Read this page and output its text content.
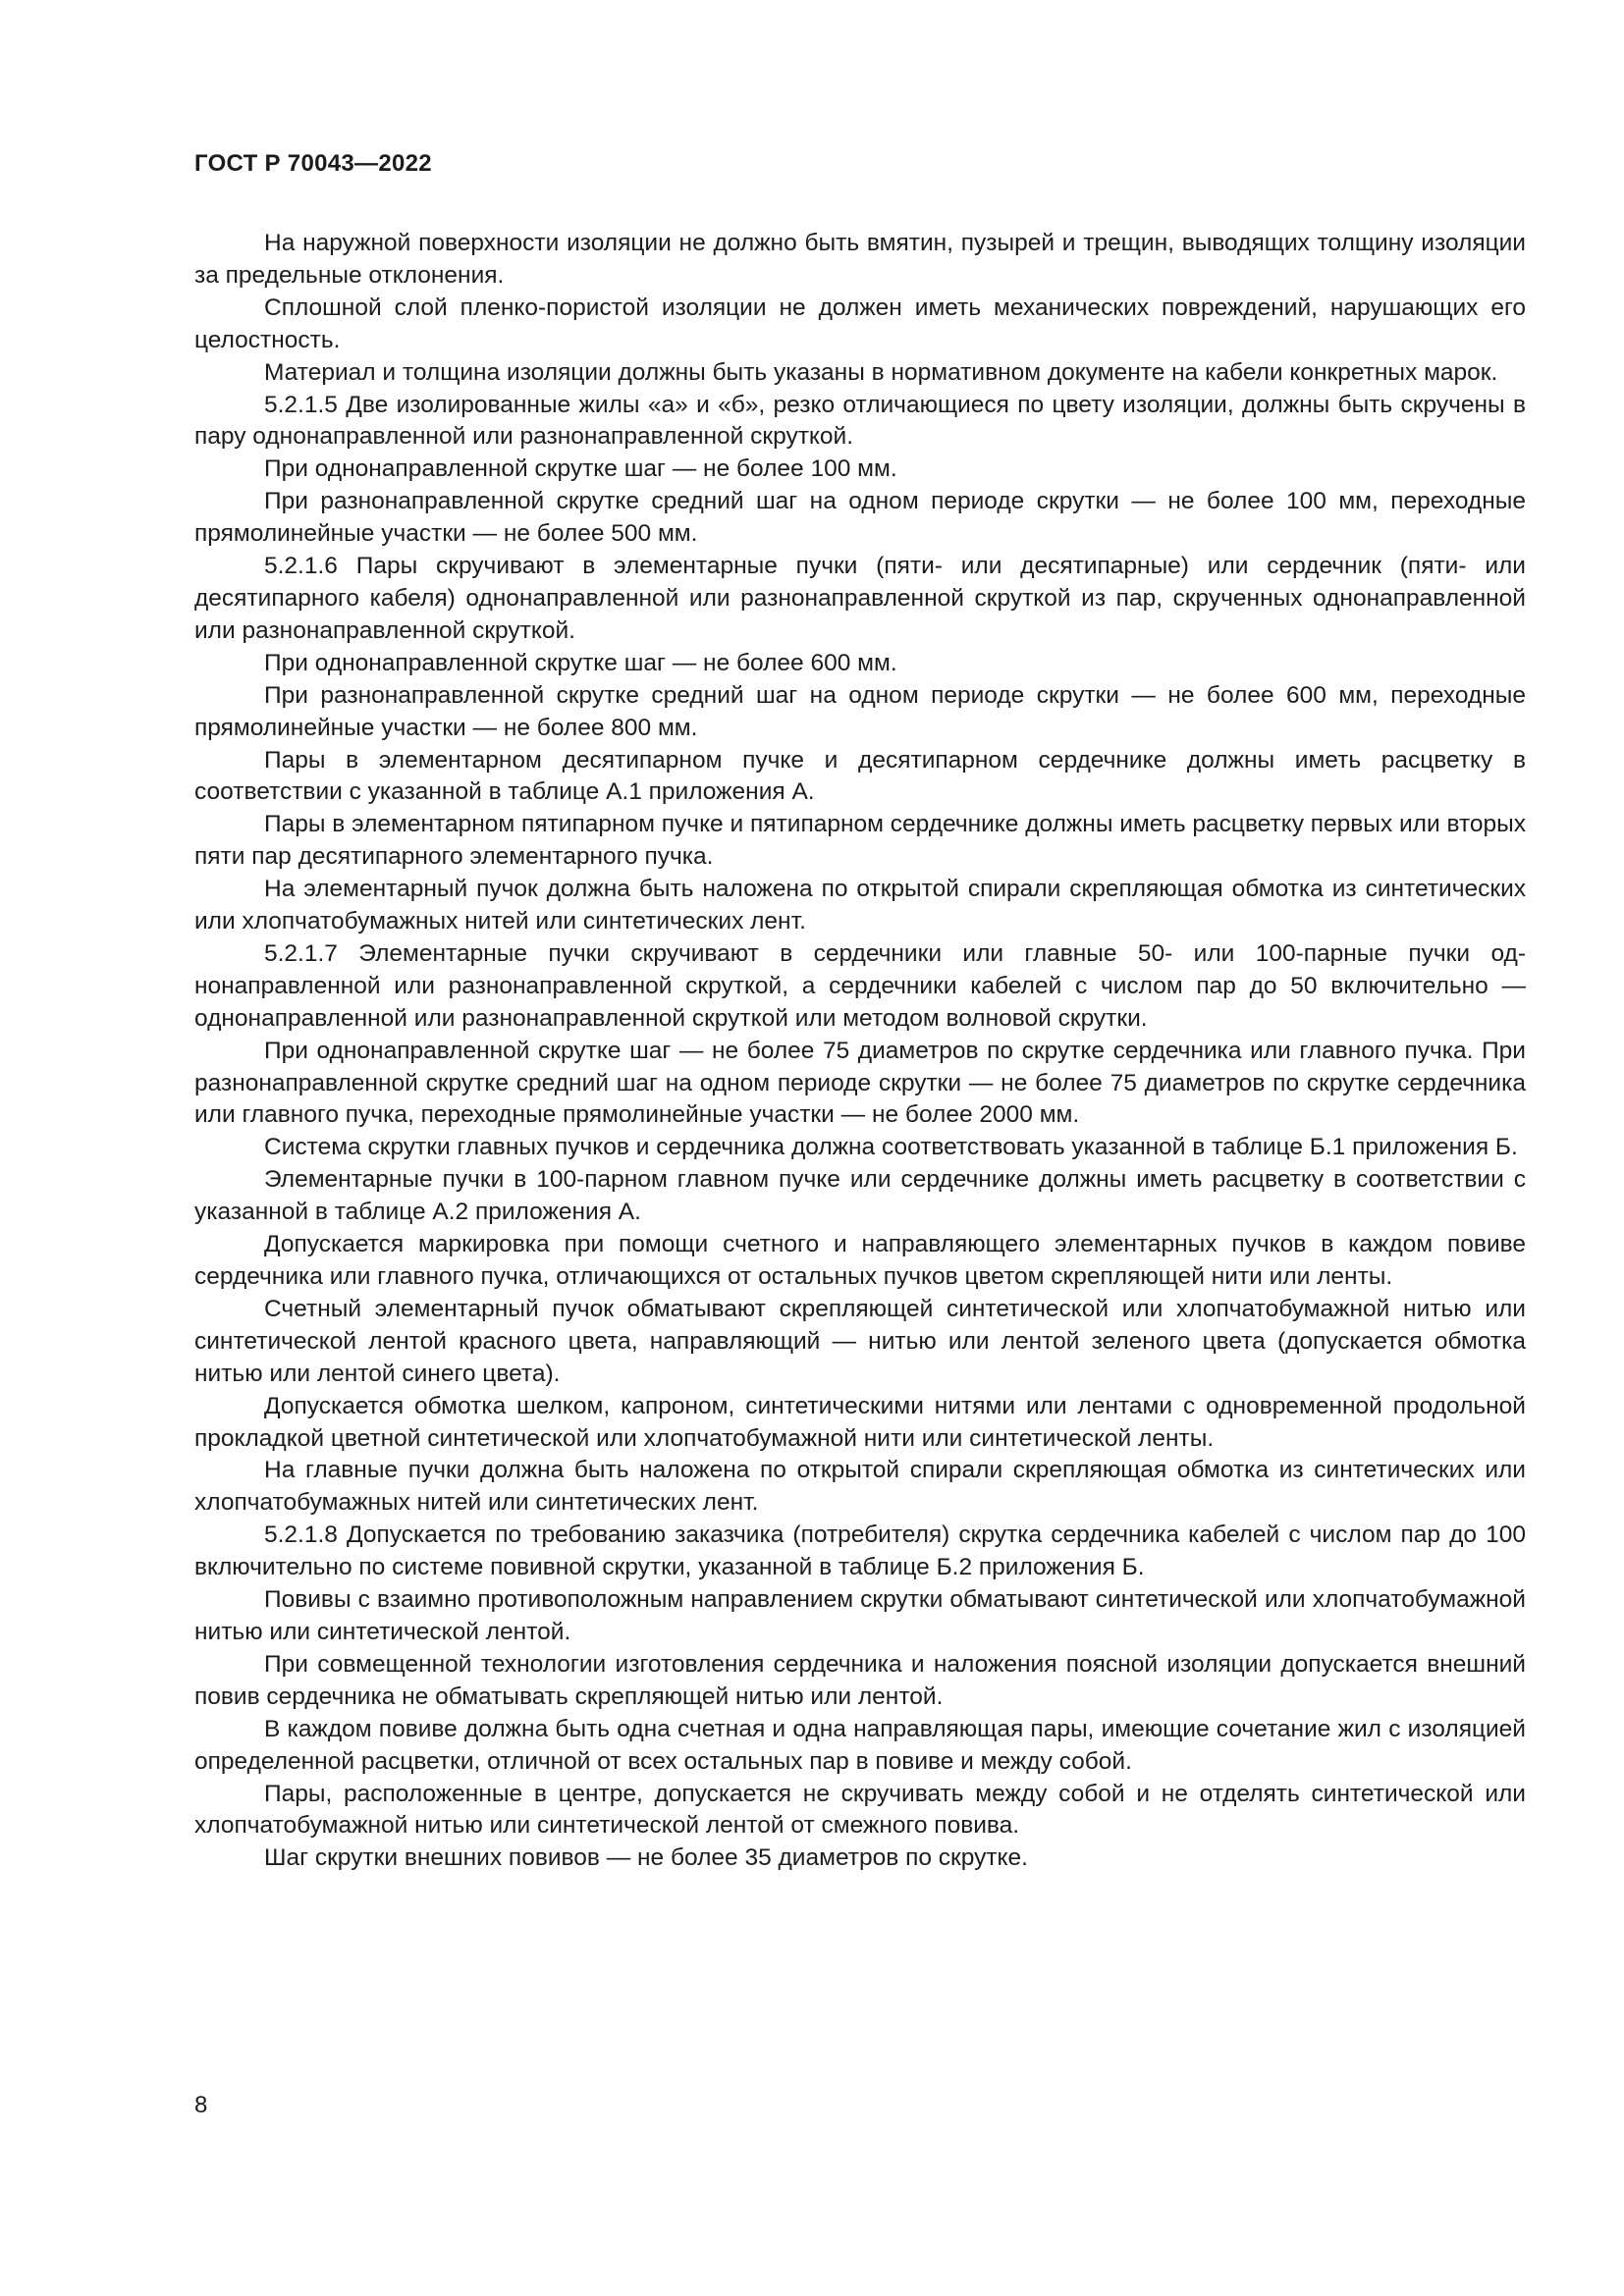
ГОСТ Р 70043—2022

На наружной поверхности изоляции не должно быть вмятин, пузырей и трещин, выводящих толщину изоляции за предельные отклонения.

Сплошной слой пленко-пористой изоляции не должен иметь механических повреждений, нарушающих его целостность.

Материал и толщина изоляции должны быть указаны в нормативном документе на кабели конкретных марок.

5.2.1.5 Две изолированные жилы «а» и «б», резко отличающиеся по цвету изоляции, должны быть скручены в пару однонаправленной или разнонаправленной скруткой.

При однонаправленной скрутке шаг — не более 100 мм.

При разнонаправленной скрутке средний шаг на одном периоде скрутки — не более 100 мм, переходные прямолинейные участки — не более 500 мм.

5.2.1.6 Пары скручивают в элементарные пучки (пяти- или десятипарные) или сердечник (пяти- или десятипарного кабеля) однонаправленной или разнонаправленной скруткой из пар, скрученных однонаправленной или разнонаправленной скруткой.

При однонаправленной скрутке шаг — не более 600 мм.

При разнонаправленной скрутке средний шаг на одном периоде скрутки — не более 600 мм, переходные прямолинейные участки — не более 800 мм.

Пары в элементарном десятипарном пучке и десятипарном сердечнике должны иметь расцветку в соответствии с указанной в таблице А.1 приложения А.

Пары в элементарном пятипарном пучке и пятипарном сердечнике должны иметь расцветку первых или вторых пяти пар десятипарного элементарного пучка.

На элементарный пучок должна быть наложена по открытой спирали скрепляющая обмотка из синтетических или хлопчатобумажных нитей или синтетических лент.

5.2.1.7 Элементарные пучки скручивают в сердечники или главные 50- или 100-парные пучки однонаправленной или разнонаправленной скруткой, а сердечники кабелей с числом пар до 50 включительно — однонаправленной или разнонаправленной скруткой или методом волновой скрутки.

При однонаправленной скрутке шаг — не более 75 диаметров по скрутке сердечника или главного пучка. При разнонаправленной скрутке средний шаг на одном периоде скрутки — не более 75 диаметров по скрутке сердечника или главного пучка, переходные прямолинейные участки — не более 2000 мм.

Система скрутки главных пучков и сердечника должна соответствовать указанной в таблице Б.1 приложения Б.

Элементарные пучки в 100-парном главном пучке или сердечнике должны иметь расцветку в соответствии с указанной в таблице А.2 приложения А.

Допускается маркировка при помощи счетного и направляющего элементарных пучков в каждом повиве сердечника или главного пучка, отличающихся от остальных пучков цветом скрепляющей нити или ленты.

Счетный элементарный пучок обматывают скрепляющей синтетической или хлопчатобумажной нитью или синтетической лентой красного цвета, направляющий — нитью или лентой зеленого цвета (допускается обмотка нитью или лентой синего цвета).

Допускается обмотка шелком, капроном, синтетическими нитями или лентами с одновременной продольной прокладкой цветной синтетической или хлопчатобумажной нити или синтетической ленты.

На главные пучки должна быть наложена по открытой спирали скрепляющая обмотка из синтетических или хлопчатобумажных нитей или синтетических лент.

5.2.1.8 Допускается по требованию заказчика (потребителя) скрутка сердечника кабелей с числом пар до 100 включительно по системе повивной скрутки, указанной в таблице Б.2 приложения Б.

Повивы с взаимно противоположным направлением скрутки обматывают синтетической или хлопчатобумажной нитью или синтетической лентой.

При совмещенной технологии изготовления сердечника и наложения поясной изоляции допускается внешний повив сердечника не обматывать скрепляющей нитью или лентой.

В каждом повиве должна быть одна счетная и одна направляющая пары, имеющие сочетание жил с изоляцией определенной расцветки, отличной от всех остальных пар в повиве и между собой.

Пары, расположенные в центре, допускается не скручивать между собой и не отделять синтетической или хлопчатобумажной нитью или синтетической лентой от смежного повива.

Шаг скрутки внешних повивов — не более 35 диаметров по скрутке.

8
